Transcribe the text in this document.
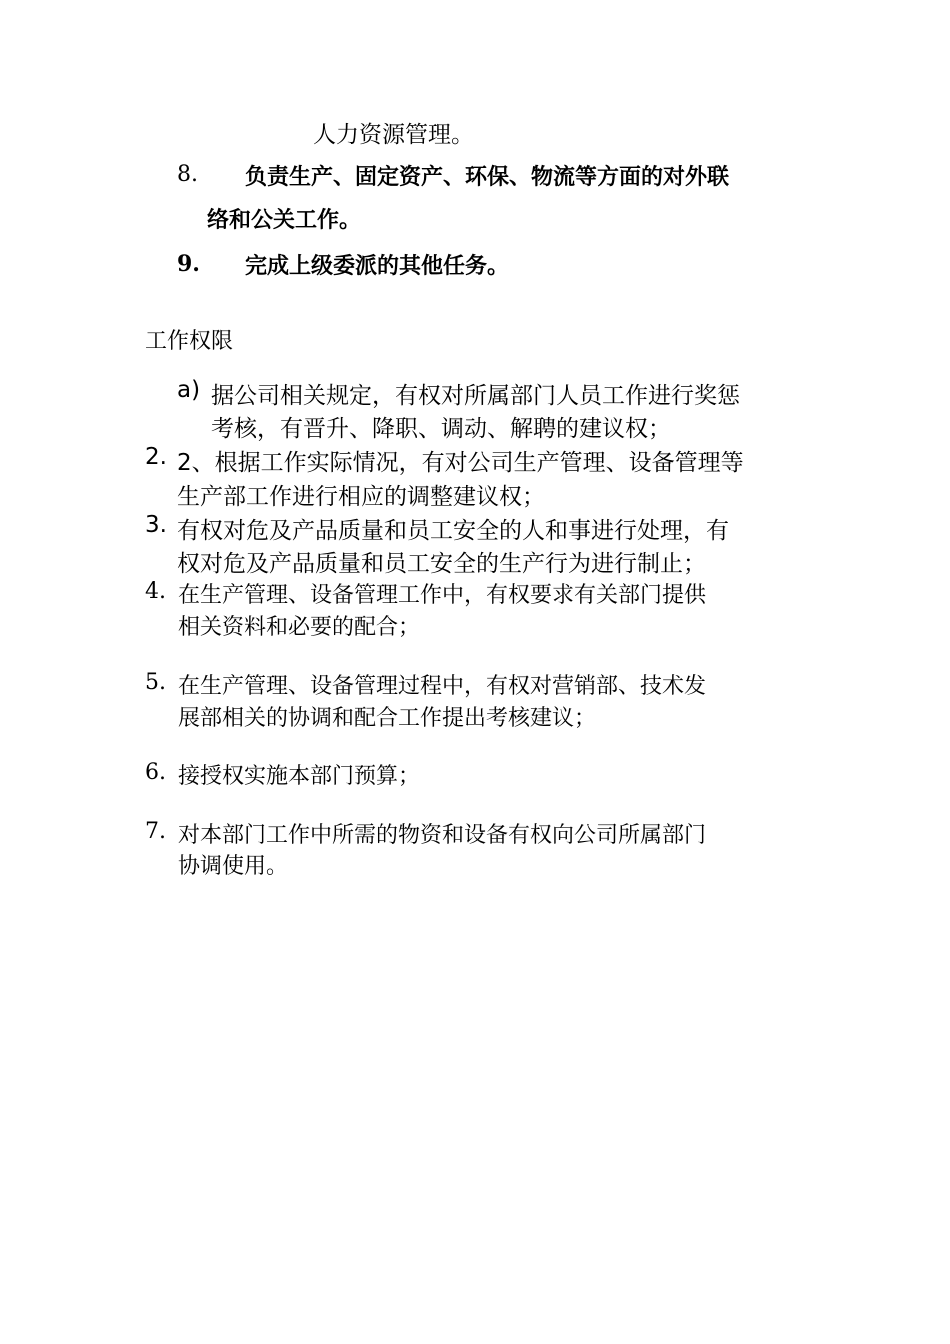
人力资源管理。
8. 负责生产、固定资产、环保、物流等方面的对外联
络和公关工作。
9. 完成上级委派的其他任务。
工作权限
a) 据公司相关规定，有权对所属部门人员工作进行奖惩
考核，有晋升、降职、调动、解聘的建议权；
2. 2、根据工作实际情况，有对公司生产管理、设备管理等
生产部工作进行相应的调整建议权；
3. 有权对危及产品质量和员工安全的人和事进行处理，有
权对危及产品质量和员工安全的生产行为进行制止；
4. 在生产管理、设备管理工作中，有权要求有关部门提供
相关资料和必要的配合；
5. 在生产管理、设备管理过程中，有权对营销部、技术发
展部相关的协调和配合工作提出考核建议；
6. 接授权实施本部门预算；
7. 对本部门工作中所需的物资和设备有权向公司所属部门
协调使用。
